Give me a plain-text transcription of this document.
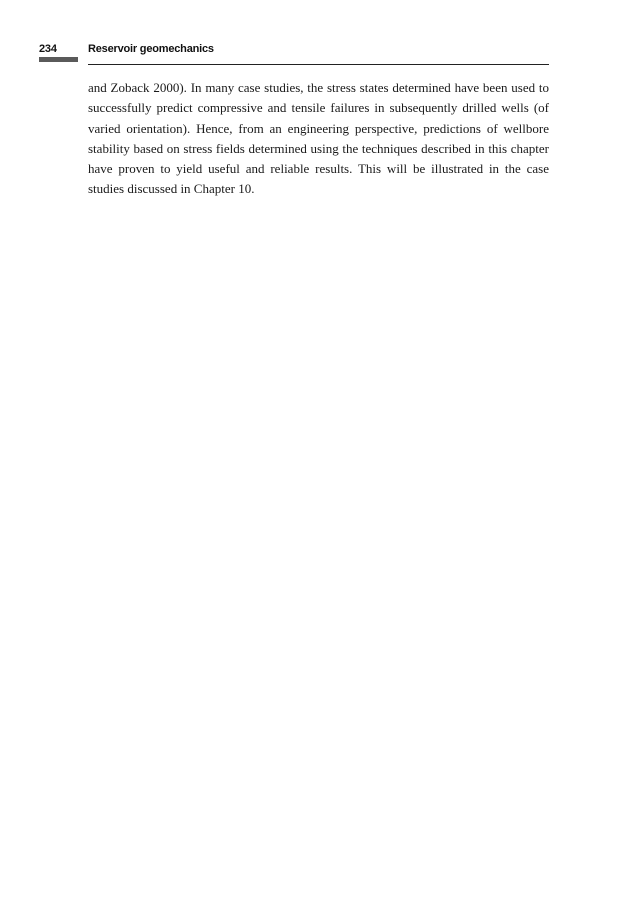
234	Reservoir geomechanics

and Zoback 2000). In many case studies, the stress states determined have been used to successfully predict compressive and tensile failures in subsequently drilled wells (of varied orientation). Hence, from an engineering perspective, predictions of wellbore stability based on stress fields determined using the techniques described in this chapter have proven to yield useful and reliable results. This will be illustrated in the case studies discussed in Chapter 10.
